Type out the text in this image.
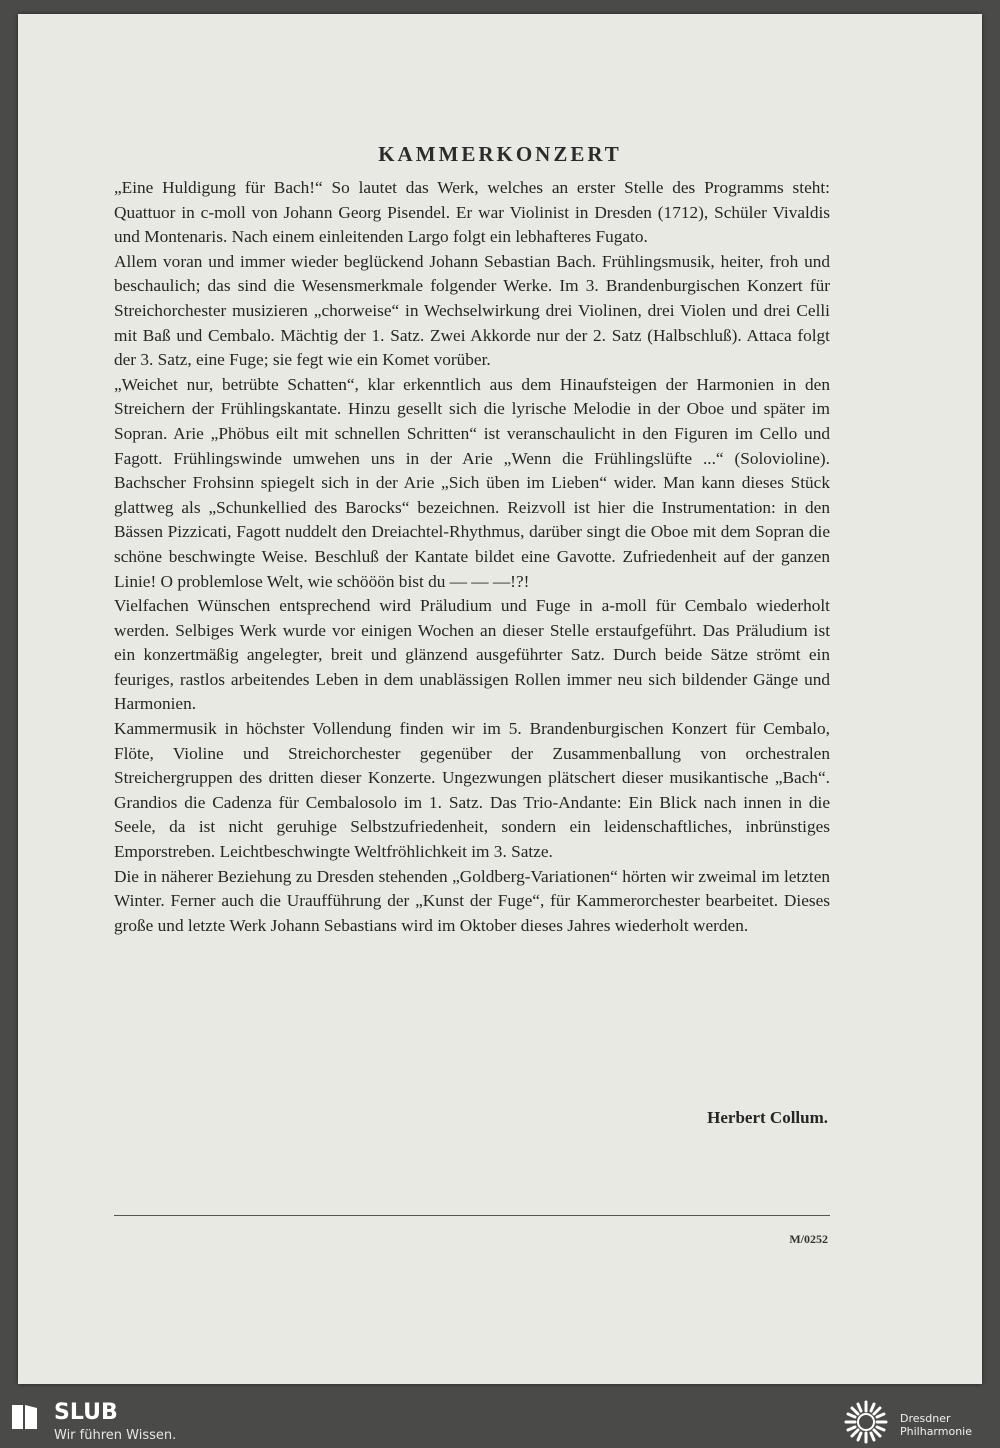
KAMMERKONZERT

„Eine Huldigung für Bach!“ So lautet das Werk, welches an erster Stelle des Programms steht: Quattuor in c-moll von Johann Georg Pisendel. Er war Violinist in Dresden (1712), Schüler Vivaldis und Montenaris. Nach einem einleitenden Largo folgt ein lebhafteres Fugato.

Allem voran und immer wieder beglückend Johann Sebastian Bach. Frühlingsmusik, heiter, froh und beschaulich; das sind die Wesensmerkmale folgender Werke. Im 3. Brandenburgischen Konzert für Streichorchester musizieren „chorweise“ in Wechselwirkung drei Violinen, drei Violen und drei Celli mit Baß und Cembalo. Mächtig der 1. Satz. Zwei Akkorde nur der 2. Satz (Halbschluß). Attaca folgt der 3. Satz, eine Fuge; sie fegt wie ein Komet vorüber.

„Weichet nur, betrübte Schatten“, klar erkenntlich aus dem Hinaufsteigen der Harmonien in den Streichern der Frühlingskantate. Hinzu gesellt sich die lyrische Melodie in der Oboe und später im Sopran. Arie „Phöbus eilt mit schnellen Schritten“ ist veranschaulicht in den Figuren im Cello und Fagott. Frühlingswinde umwehen uns in der Arie „Wenn die Frühlingslüfte ...“ (Solovioline). Bachscher Frohsinn spiegelt sich in der Arie „Sich üben im Lieben“ wider. Man kann dieses Stück glattweg als „Schunkellied des Barocks“ bezeichnen. Reizvoll ist hier die Instrumentation: in den Bässen Pizzicati, Fagott nuddelt den Dreiachtel-Rhythmus, darüber singt die Oboe mit dem Sopran die schöne beschwingte Weise. Beschluß der Kantate bildet eine Gavotte. Zufriedenheit auf der ganzen Linie! O problemlose Welt, wie schööön bist du — — —!?!

Vielfachen Wünschen entsprechend wird Präludium und Fuge in a-moll für Cembalo wiederholt werden. Selbiges Werk wurde vor einigen Wochen an dieser Stelle erstaufgeführt. Das Präludium ist ein konzertmäßig angelegter, breit und glänzend ausgeführter Satz. Durch beide Sätze strömt ein feuriges, rastlos arbeitendes Leben in dem unablässigen Rollen immer neu sich bildender Gänge und Harmonien.

Kammermusik in höchster Vollendung finden wir im 5. Brandenburgischen Konzert für Cembalo, Flöte, Violine und Streichorchester gegenüber der Zusammenballung von orchestralen Streichergruppen des dritten dieser Konzerte. Ungezwungen plätschert dieser musikantische „Bach“. Grandios die Cadenza für Cembalosolo im 1. Satz. Das Trio-Andante: Ein Blick nach innen in die Seele, da ist nicht geruhige Selbstzufriedenheit, sondern ein leidenschaftliches, inbrünstiges Emporstreben. Leichtbeschwingte Weltfröhlichkeit im 3. Satze.

Die in näherer Beziehung zu Dresden stehenden „Goldberg-Variationen“ hörten wir zweimal im letzten Winter. Ferner auch die Uraufführung der „Kunst der Fuge“, für Kammerorchester bearbeitet. Dieses große und letzte Werk Johann Sebastians wird im Oktober dieses Jahres wiederholt werden.

Herbert Collum.
M/0252
SLUB
Wir führen Wissen.
Dresdner
Philharmonie
